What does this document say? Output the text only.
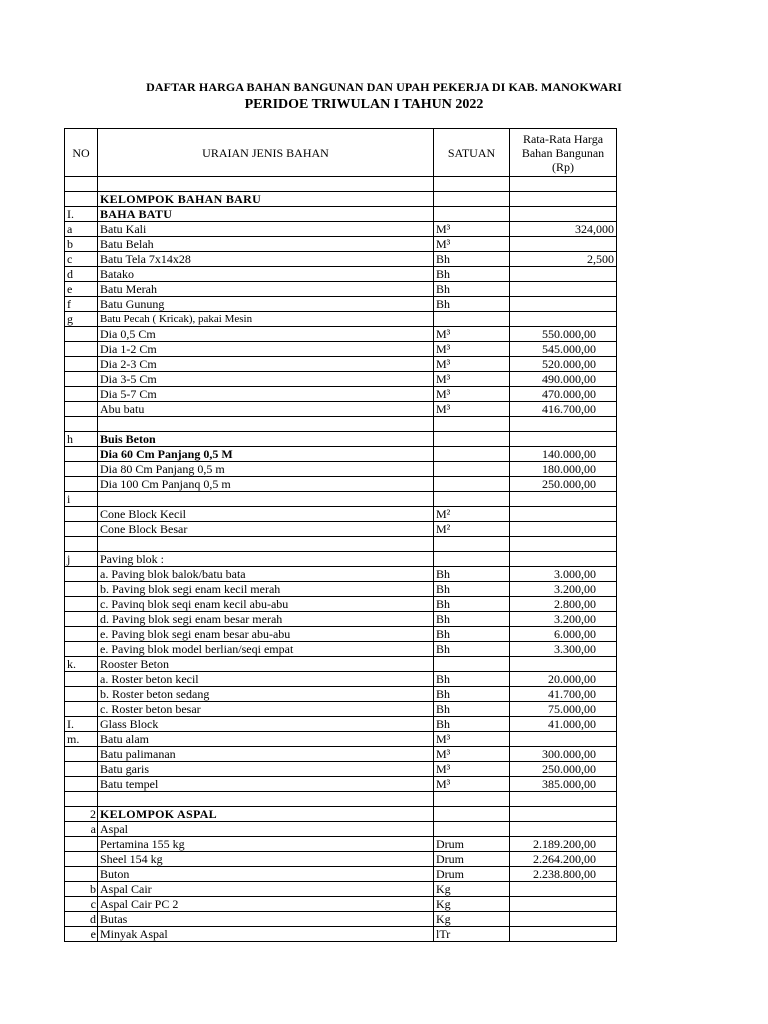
DAFTAR HARGA BAHAN BANGUNAN DAN UPAH PEKERJA DI KAB. MANOKWARI
PERIDOE TRIWULAN I TAHUN 2022
NO	URAIAN JENIS BAHAN	SATUAN	Rata-Rata Harga
Bahan Bangunan
(Rp)

	KELOMPOK BAHAN BARU		
I.	BAHA BATU		
a	Batu Kali	M³	324,000
b	Batu Belah	M³	
c	Batu Tela 7x14x28	Bh	2,500
d	Batako	Bh	
e	Batu Merah	Bh	
f	Batu Gunung	Bh	
g	Batu Pecah ( Kricak), pakai Mesin		
	Dia 0,5 Cm	M³	550.000,00
	Dia 1-2 Cm	M³	545.000,00
	Dia 2-3 Cm	M³	520.000,00
	Dia 3-5 Cm	M³	490.000,00
	Dia 5-7 Cm	M³	470.000,00
	Abu batu	M³	416.700,00

h	Buis Beton		
	Dia 60 Cm Panjang 0,5 M		140.000,00
	Dia 80 Cm Panjang 0,5 m		180.000,00
	Dia 100 Cm Panjanq 0,5 m		250.000,00
i			
	Cone Block Kecil	M²	
	Cone Block Besar	M²	

j	Paving blok :		
	a. Paving blok balok/batu bata	Bh	3.000,00
	b. Paving blok segi enam kecil merah	Bh	3.200,00
	c. Pavinq blok seqi enam kecil abu-abu	Bh	2.800,00
	d. Paving blok segi enam besar merah	Bh	3.200,00
	e. Paving blok segi enam besar abu-abu	Bh	6.000,00
	e. Paving blok model berlian/seqi empat	Bh	3.300,00
k.	Rooster Beton		
	a. Roster beton kecil	Bh	20.000,00
	b. Roster beton sedang	Bh	41.700,00
	c. Roster beton besar	Bh	75.000,00
I.	Glass Block	Bh	41.000,00
m.	Batu alam	M³	
	Batu palimanan	M³	300.000,00
	Batu garis	M³	250.000,00
	Batu tempel	M³	385.000,00

2	KELOMPOK ASPAL		
a	Aspal		
	Pertamina 155 kg	Drum	2.189.200,00
	Sheel 154 kg	Drum	2.264.200,00
	Buton	Drum	2.238.800,00
b	Aspal Cair	Kg	
c	Aspal Cair PC 2	Kg	
d	Butas	Kg	
e	Minyak Aspal	lTr	
